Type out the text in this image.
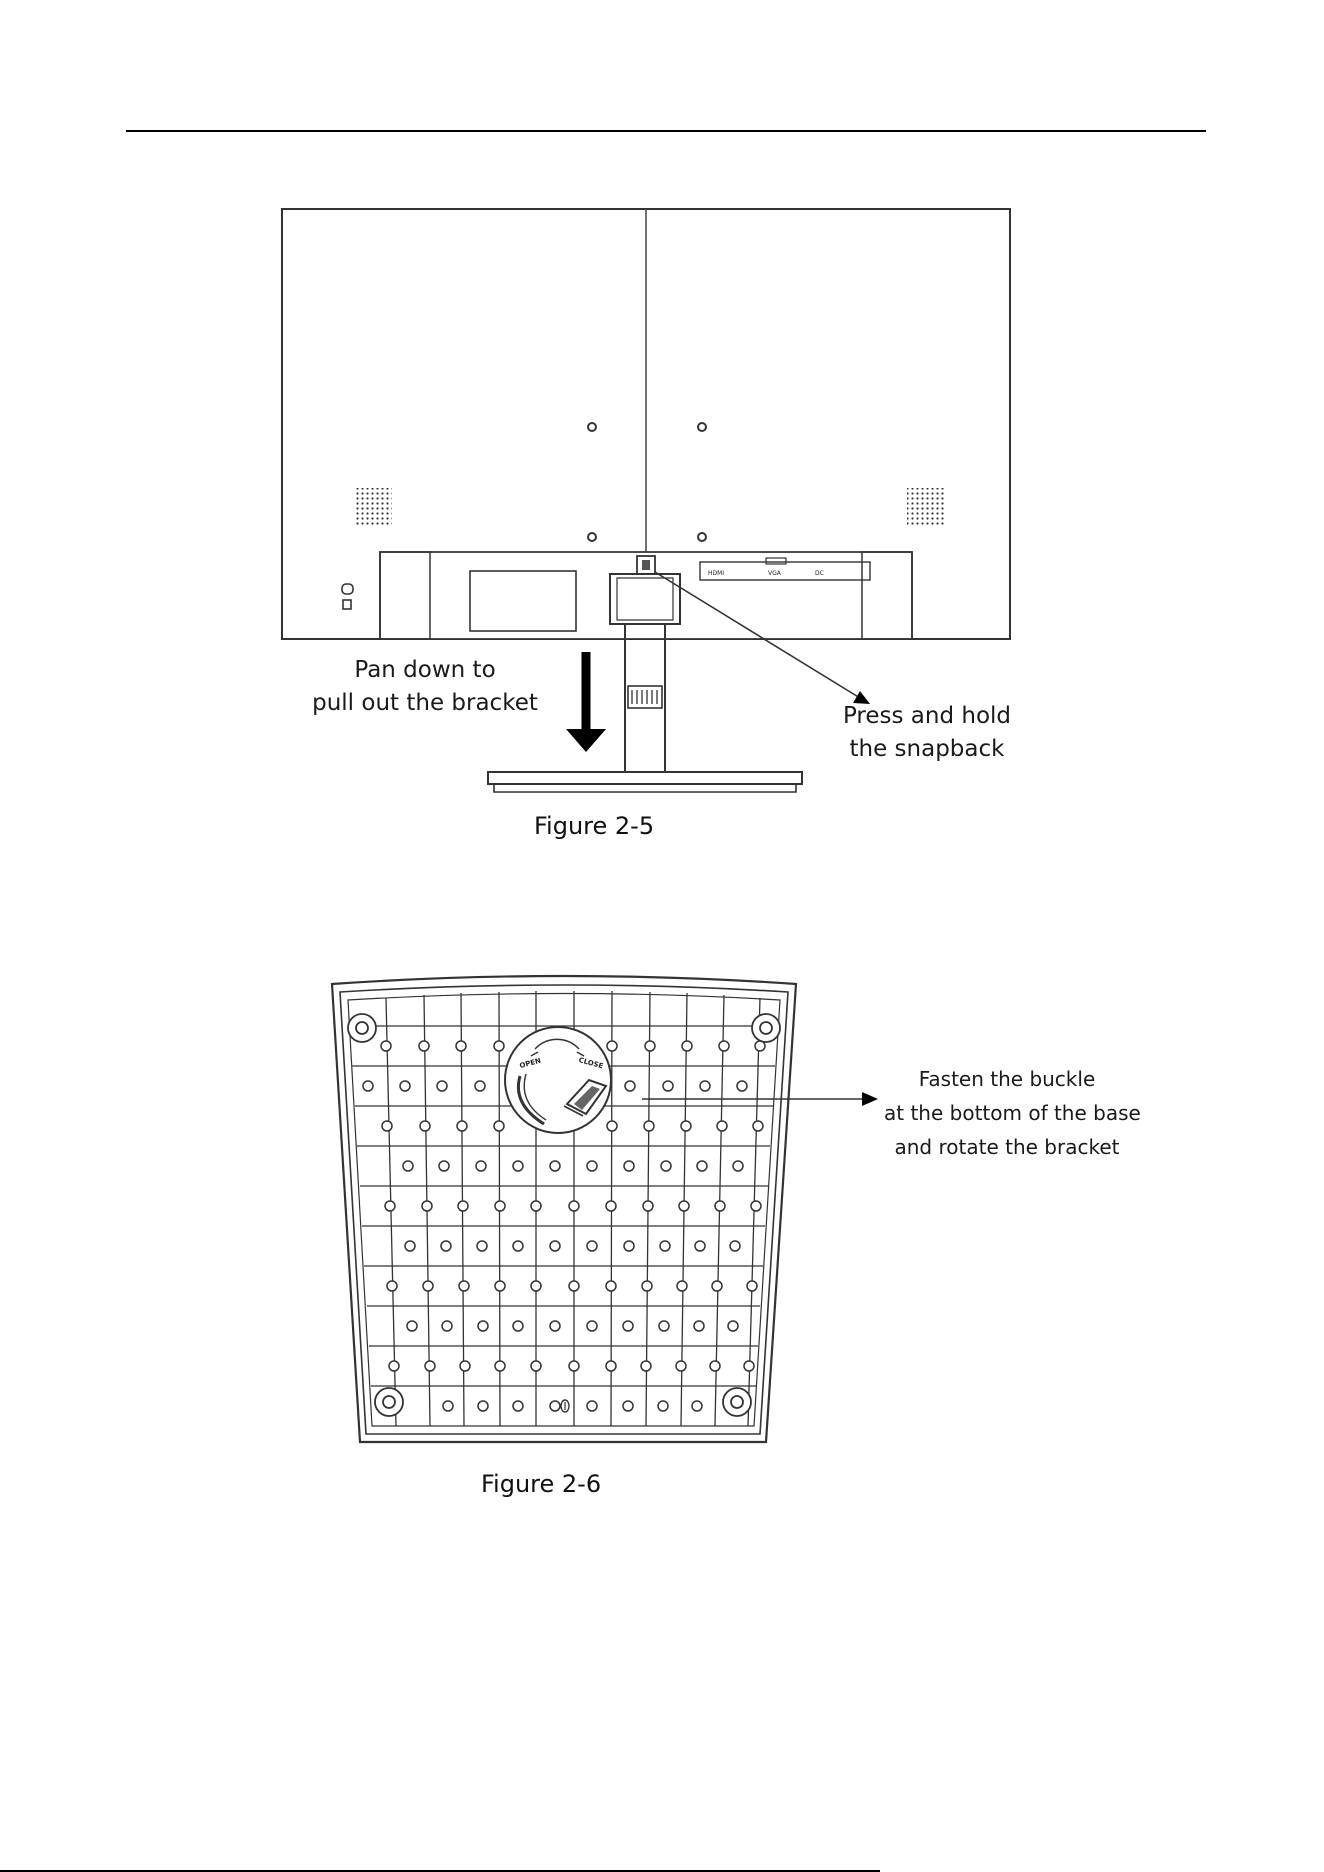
HDMI	VGA	DC
Pan down to
pull out the bracket	Press and hold
the snapback
Figure 2-5
OPEN	CLOSE
Fasten the buckle
at the bottom of the base
and rotate the bracket
Figure 2-6
